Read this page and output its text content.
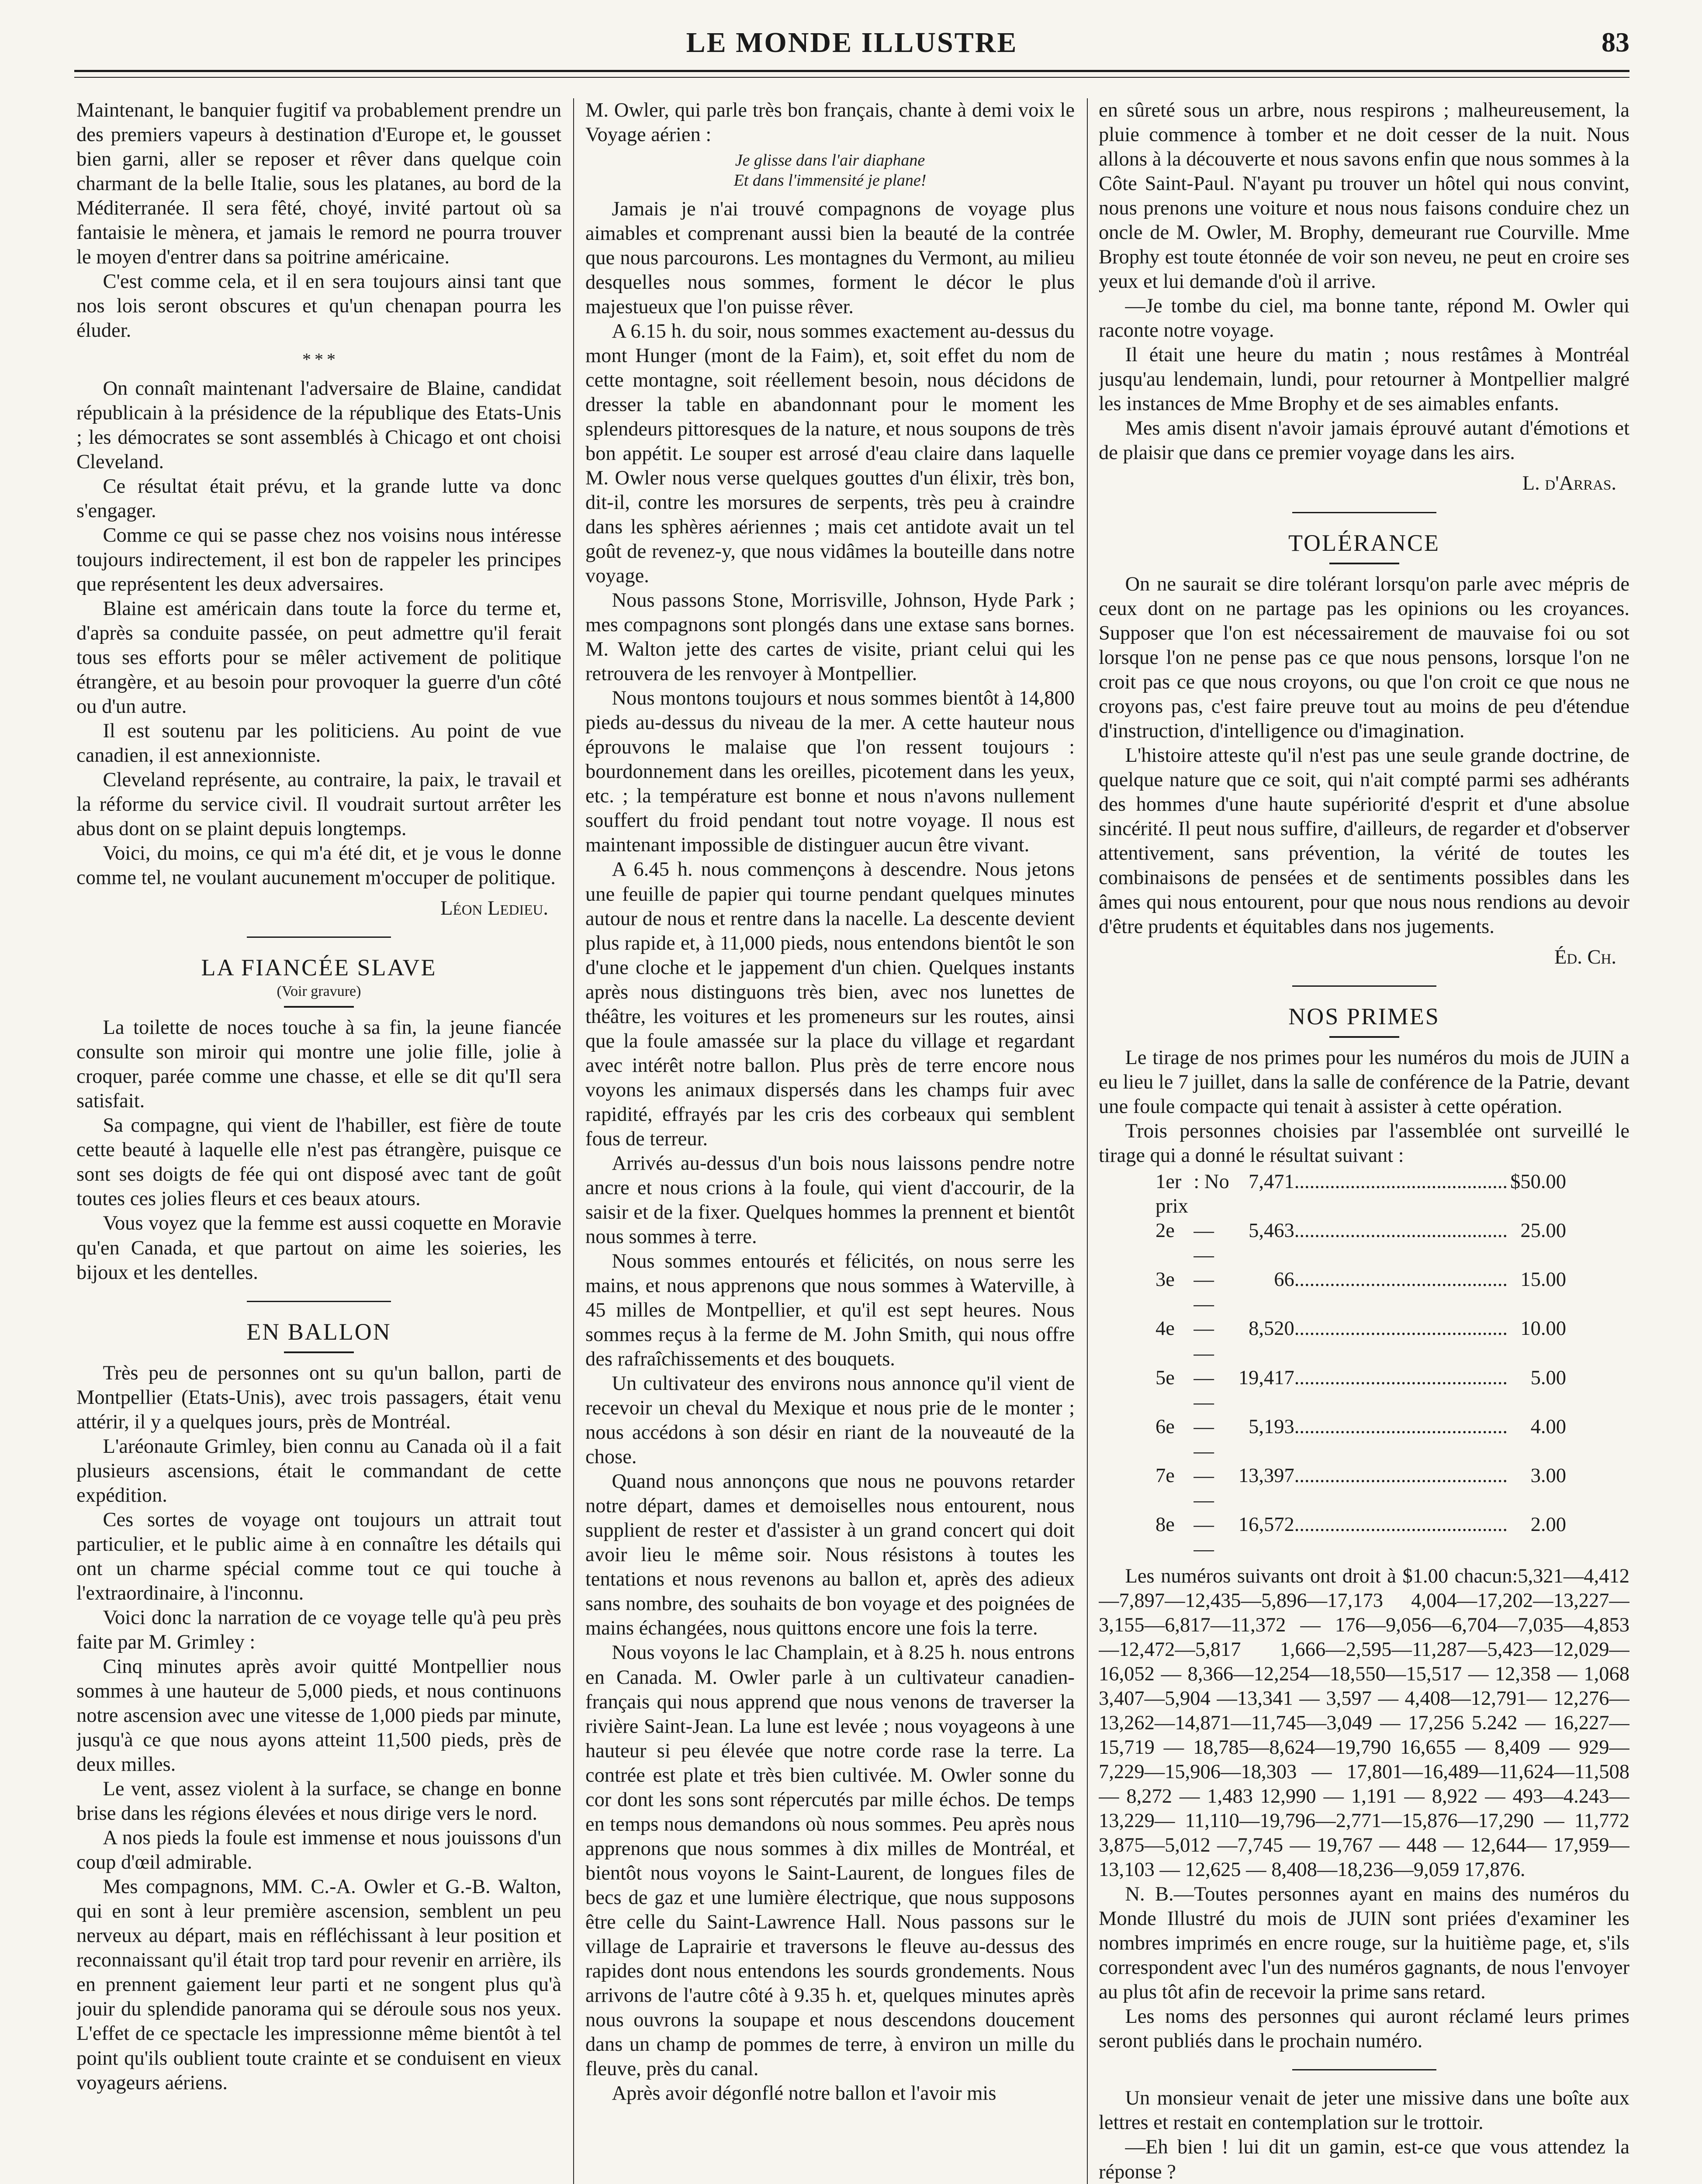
LE MONDE ILLUSTRE	83

Maintenant, le banquier fugitif va probablement prendre un des premiers vapeurs à destination d'Europe et, le gousset bien garni, aller se reposer et rêver dans quelque coin charmant de la belle Italie, sous les platanes, au bord de la Méditerranée. Il sera fêté, choyé, invité partout où sa fantaisie le mènera, et jamais le remord ne pourra trouver le moyen d'entrer dans sa poitrine américaine.

C'est comme cela, et il en sera toujours ainsi tant que nos lois seront obscures et qu'un chenapan pourra les éluder.

* * *

On connaît maintenant l'adversaire de Blaine, candidat républicain à la présidence de la république des Etats-Unis ; les démocrates se sont assemblés à Chicago et ont choisi Cleveland.

Ce résultat était prévu, et la grande lutte va donc s'engager.

Comme ce qui se passe chez nos voisins nous intéresse toujours indirectement, il est bon de rappeler les principes que représentent les deux adversaires.

Blaine est américain dans toute la force du terme et, d'après sa conduite passée, on peut admettre qu'il ferait tous ses efforts pour se mêler activement de politique étrangère, et au besoin pour provoquer la guerre d'un côté ou d'un autre.

Il est soutenu par les politiciens. Au point de vue canadien, il est annexionniste.

Cleveland représente, au contraire, la paix, le travail et la réforme du service civil. Il voudrait surtout arrêter les abus dont on se plaint depuis longtemps.

Voici, du moins, ce qui m'a été dit, et je vous le donne comme tel, ne voulant aucunement m'occuper de politique.

Léon Ledieu.
LA FIANCÉE SLAVE
(Voir gravure)

La toilette de noces touche à sa fin, la jeune fiancée consulte son miroir qui montre une jolie fille, jolie à croquer, parée comme une chasse, et elle se dit qu'Il sera satisfait.

Sa compagne, qui vient de l'habiller, est fière de toute cette beauté à laquelle elle n'est pas étrangère, puisque ce sont ses doigts de fée qui ont disposé avec tant de goût toutes ces jolies fleurs et ces beaux atours.

Vous voyez que la femme est aussi coquette en Moravie qu'en Canada, et que partout on aime les soieries, les bijoux et les dentelles.

EN BALLON

Très peu de personnes ont su qu'un ballon, parti de Montpellier (Etats-Unis), avec trois passagers, était venu attérir, il y a quelques jours, près de Montréal.

L'aréonaute Grimley, bien connu au Canada où il a fait plusieurs ascensions, était le commandant de cette expédition.

Ces sortes de voyage ont toujours un attrait tout particulier, et le public aime à en connaître les détails qui ont un charme spécial comme tout ce qui touche à l'extraordinaire, à l'inconnu.

Voici donc la narration de ce voyage telle qu'à peu près faite par M. Grimley :

Cinq minutes après avoir quitté Montpellier nous sommes à une hauteur de 5,000 pieds, et nous continuons notre ascension avec une vitesse de 1,000 pieds par minute, jusqu'à ce que nous ayons atteint 11,500 pieds, près de deux milles.

Le vent, assez violent à la surface, se change en bonne brise dans les régions élevées et nous dirige vers le nord.

A nos pieds la foule est immense et nous jouissons d'un coup d'œil admirable.

Mes compagnons, MM. C.-A. Owler et G.-B. Walton, qui en sont à leur première ascension, semblent un peu nerveux au départ, mais en réfléchissant à leur position et reconnaissant qu'il était trop tard pour revenir en arrière, ils en prennent gaiement leur parti et ne songent plus qu'à jouir du splendide panorama qui se déroule sous nos yeux. L'effet de ce spectacle les impressionne même bientôt à tel point qu'ils oublient toute crainte et se conduisent en vieux voyageurs aériens.

M. Owler, qui parle très bon français, chante à demi voix le Voyage aérien :

Je glisse dans l'air diaphane
Et dans l'immensité je plane!

Jamais je n'ai trouvé compagnons de voyage plus aimables et comprenant aussi bien la beauté de la contrée que nous parcourons. Les montagnes du Vermont, au milieu desquelles nous sommes, forment le décor le plus majestueux que l'on puisse rêver.

A 6.15 h. du soir, nous sommes exactement au-dessus du mont Hunger (mont de la Faim), et, soit effet du nom de cette montagne, soit réellement besoin, nous décidons de dresser la table en abandonnant pour le moment les splendeurs pittoresques de la nature, et nous soupons de très bon appétit. Le souper est arrosé d'eau claire dans laquelle M. Owler nous verse quelques gouttes d'un élixir, très bon, dit-il, contre les morsures de serpents, très peu à craindre dans les sphères aériennes ; mais cet antidote avait un tel goût de revenez-y, que nous vidâmes la bouteille dans notre voyage.

Nous passons Stone, Morrisville, Johnson, Hyde Park ; mes compagnons sont plongés dans une extase sans bornes. M. Walton jette des cartes de visite, priant celui qui les retrouvera de les renvoyer à Montpellier.

Nous montons toujours et nous sommes bientôt à 14,800 pieds au-dessus du niveau de la mer. A cette hauteur nous éprouvons le malaise que l'on ressent toujours : bourdonnement dans les oreilles, picotement dans les yeux, etc. ; la température est bonne et nous n'avons nullement souffert du froid pendant tout notre voyage. Il nous est maintenant impossible de distinguer aucun être vivant.

A 6.45 h. nous commençons à descendre. Nous jetons une feuille de papier qui tourne pendant quelques minutes autour de nous et rentre dans la nacelle. La descente devient plus rapide et, à 11,000 pieds, nous entendons bientôt le son d'une cloche et le jappement d'un chien. Quelques instants après nous distinguons très bien, avec nos lunettes de théâtre, les voitures et les promeneurs sur les routes, ainsi que la foule amassée sur la place du village et regardant avec intérêt notre ballon. Plus près de terre encore nous voyons les animaux dispersés dans les champs fuir avec rapidité, effrayés par les cris des corbeaux qui semblent fous de terreur.

Arrivés au-dessus d'un bois nous laissons pendre notre ancre et nous crions à la foule, qui vient d'accourir, de la saisir et de la fixer. Quelques hommes la prennent et bientôt nous sommes à terre.

Nous sommes entourés et félicités, on nous serre les mains, et nous apprenons que nous sommes à Waterville, à 45 milles de Montpellier, et qu'il est sept heures. Nous sommes reçus à la ferme de M. John Smith, qui nous offre des rafraîchissements et des bouquets.

Un cultivateur des environs nous annonce qu'il vient de recevoir un cheval du Mexique et nous prie de le monter ; nous accédons à son désir en riant de la nouveauté de la chose.

Quand nous annonçons que nous ne pouvons retarder notre départ, dames et demoiselles nous entourent, nous supplient de rester et d'assister à un grand concert qui doit avoir lieu le même soir. Nous résistons à toutes les tentations et nous revenons au ballon et, après des adieux sans nombre, des souhaits de bon voyage et des poignées de mains échangées, nous quittons encore une fois la terre.

Nous voyons le lac Champlain, et à 8.25 h. nous entrons en Canada. M. Owler parle à un cultivateur canadien-français qui nous apprend que nous venons de traverser la rivière Saint-Jean. La lune est levée ; nous voyageons à une hauteur si peu élevée que notre corde rase la terre. La contrée est plate et très bien cultivée. M. Owler sonne du cor dont les sons sont répercutés par mille échos. De temps en temps nous demandons où nous sommes. Peu après nous apprenons que nous sommes à dix milles de Montréal, et bientôt nous voyons le Saint-Laurent, de longues files de becs de gaz et une lumière électrique, que nous supposons être celle du Saint-Lawrence Hall. Nous passons sur le village de Laprairie et traversons le fleuve au-dessus des rapides dont nous entendons les sourds grondements. Nous arrivons de l'autre côté à 9.35 h. et, quelques minutes après nous ouvrons la soupape et nous descendons doucement dans un champ de pommes de terre, à environ un mille du fleuve, près du canal.

Après avoir dégonflé notre ballon et l'avoir mis

en sûreté sous un arbre, nous respirons ; malheureusement, la pluie commence à tomber et ne doit cesser de la nuit. Nous allons à la découverte et nous savons enfin que nous sommes à la Côte Saint-Paul. N'ayant pu trouver un hôtel qui nous convint, nous prenons une voiture et nous nous faisons conduire chez un oncle de M. Owler, M. Brophy, demeurant rue Courville. Mme Brophy est toute étonnée de voir son neveu, ne peut en croire ses yeux et lui demande d'où il arrive.

—Je tombe du ciel, ma bonne tante, répond M. Owler qui raconte notre voyage.

Il était une heure du matin ; nous restâmes à Montréal jusqu'au lendemain, lundi, pour retourner à Montpellier malgré les instances de Mme Brophy et de ses aimables enfants.

Mes amis disent n'avoir jamais éprouvé autant d'émotions et de plaisir que dans ce premier voyage dans les airs.

L. d'Arras.
TOLÉRANCE

On ne saurait se dire tolérant lorsqu'on parle avec mépris de ceux dont on ne partage pas les opinions ou les croyances. Supposer que l'on est nécessairement de mauvaise foi ou sot lorsque l'on ne pense pas ce que nous pensons, lorsque l'on ne croit pas ce que nous croyons, ou que l'on croit ce que nous ne croyons pas, c'est faire preuve tout au moins de peu d'étendue d'instruction, d'intelligence ou d'imagination.

L'histoire atteste qu'il n'est pas une seule grande doctrine, de quelque nature que ce soit, qui n'ait compté parmi ses adhérants des hommes d'une haute supériorité d'esprit et d'une absolue sincérité. Il peut nous suffire, d'ailleurs, de regarder et d'observer attentivement, sans prévention, la vérité de toutes les combinaisons de pensées et de sentiments possibles dans les âmes qui nous entourent, pour que nous nous rendions au devoir d'être prudents et équitables dans nos jugements.

Éd. Ch.
NOS PRIMES

Le tirage de nos primes pour les numéros du mois de JUIN a eu lieu le 7 juillet, dans la salle de conférence de la Patrie, devant une foule compacte qui tenait à assister à cette opération.

Trois personnes choisies par l'assemblée ont surveillé le tirage qui a donné le résultat suivant :

1er prix	: No	7,471	..........................................	$50.00
2e	— —	5,463	..........................................	25.00
3e	— —	66	..........................................	15.00
4e	— —	8,520	..........................................	10.00
5e	— —	19,417	..........................................	5.00
6e	— —	5,193	..........................................	4.00
7e	— —	13,397	..........................................	3.00
8e	— —	16,572	..........................................	2.00

Les numéros suivants ont droit à $1.00 chacun:5,321—4,412—7,897—12,435—5,896—17,173 4,004—17,202—13,227—3,155—6,817—11,372 — 176—9,056—6,704—7,035—4,853—12,472—5,817 1,666—2,595—11,287—5,423—12,029—16,052 — 8,366—12,254—18,550—15,517 — 12,358 — 1,068 3,407—5,904 —13,341 — 3,597 — 4,408—12,791— 12,276—13,262—14,871—11,745—3,049 — 17,256 5.242 — 16,227—15,719 — 18,785—8,624—19,790 16,655 — 8,409 — 929—7,229—15,906—18,303 — 17,801—16,489—11,624—11,508 — 8,272 — 1,483 12,990 — 1,191 — 8,922 — 493—4.243—13,229— 11,110—19,796—2,771—15,876—17,290 — 11,772 3,875—5,012 —7,745 — 19,767 — 448 — 12,644— 17,959—13,103 — 12,625 — 8,408—18,236—9,059 17,876.

N. B.—Toutes personnes ayant en mains des numéros du Monde Illustré du mois de JUIN sont priées d'examiner les nombres imprimés en encre rouge, sur la huitième page, et, s'ils correspondent avec l'un des numéros gagnants, de nous l'envoyer au plus tôt afin de recevoir la prime sans retard.

Les noms des personnes qui auront réclamé leurs primes seront publiés dans le prochain numéro.

Un monsieur venait de jeter une missive dans une boîte aux lettres et restait en contemplation sur le trottoir.

—Eh bien ! lui dit un gamin, est-ce que vous attendez la réponse ?
